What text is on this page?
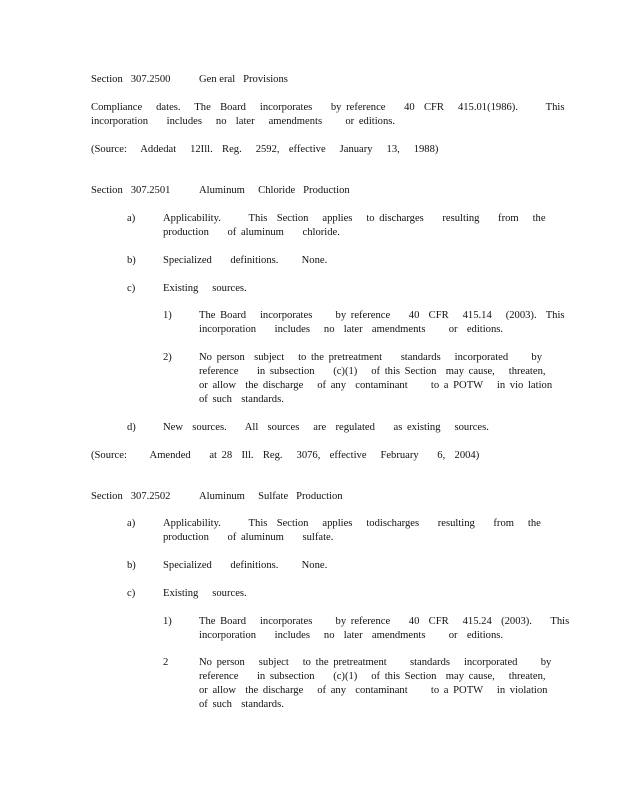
Section   307.2500	Gen eral   Provisions
Compliance   dates.   The  Board   incorporates    by reference    40  CFR   415.01(1986).      This
incorporation    includes   no  later   amendments     or editions.
(Source:   Addedat   12Ill.  Reg.   2592,  effective   January   13,   1988)
Section   307.2501	Aluminum     Chloride   Production
a)	Applicability.      This  Section   applies   to discharges    resulting    from   the
production    of aluminum    chloride.
b)	Specialized    definitions.     None.
c)	Existing   sources.
1)	The Board   incorporates     by reference    40  CFR   415.14   (2003).  This
incorporation    includes   no  later  amendments     or  editions.
2)	No person  subject   to the pretreatment    standards   incorporated     by
reference    in subsection    (c)(1)   of this Section  may cause,   threaten,
or allow  the discharge   of any  contaminant     to a POTW   in vio lation
of such  standards.
d)	New  sources.    All  sources   are  regulated    as existing   sources.
(Source:     Amended    at 28  Ill.  Reg.   3076,  effective   February    6,  2004)
Section   307.2502	Aluminum     Sulfate   Production
a)	Applicability.      This  Section   applies   todischarges    resulting    from   the
production    of aluminum    sulfate.
b)	Specialized    definitions.     None.
c)	Existing   sources.
1)	The Board   incorporates     by reference    40  CFR   415.24  (2003).    This
incorporation    includes   no  later  amendments     or  editions.
2	No person   subject   to the pretreatment     standards   incorporated     by
reference    in subsection    (c)(1)   of this Section  may cause,   threaten,
or allow  the discharge   of any  contaminant     to a POTW   in violation
of such  standards.
